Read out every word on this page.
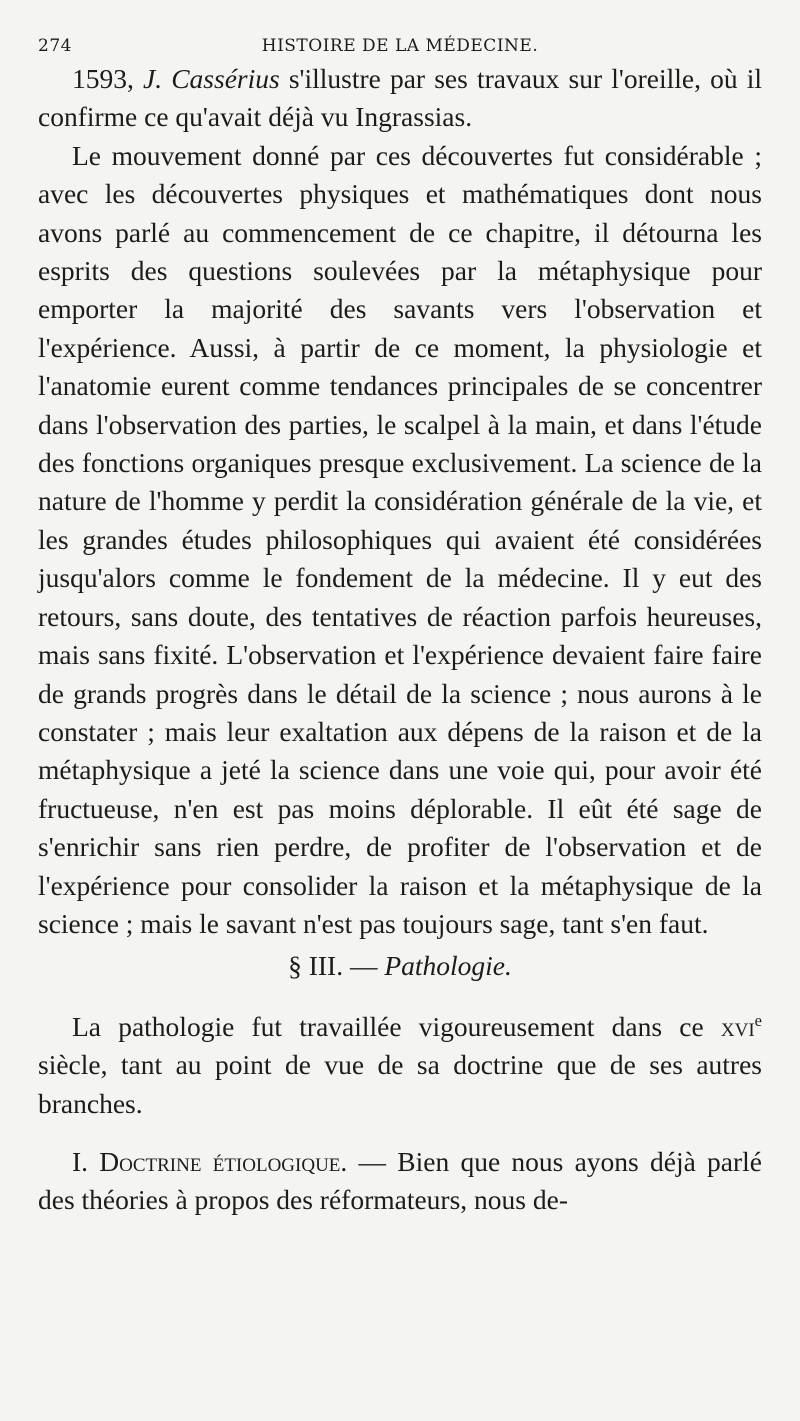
274	HISTOIRE DE LA MÉDECINE.

1593, J. Cassérius s'illustre par ses travaux sur l'oreille, où il confirme ce qu'avait déjà vu Ingrassias.

Le mouvement donné par ces découvertes fut considérable ; avec les découvertes physiques et mathématiques dont nous avons parlé au commencement de ce chapitre, il détourna les esprits des questions soulevées par la métaphysique pour emporter la majorité des savants vers l'observation et l'expérience. Aussi, à partir de ce moment, la physiologie et l'anatomie eurent comme tendances principales de se concentrer dans l'observation des parties, le scalpel à la main, et dans l'étude des fonctions organiques presque exclusivement. La science de la nature de l'homme y perdit la considération générale de la vie, et les grandes études philosophiques qui avaient été considérées jusqu'alors comme le fondement de la médecine. Il y eut des retours, sans doute, des tentatives de réaction parfois heureuses, mais sans fixité. L'observation et l'expérience devaient faire faire de grands progrès dans le détail de la science ; nous aurons à le constater ; mais leur exaltation aux dépens de la raison et de la métaphysique a jeté la science dans une voie qui, pour avoir été fructueuse, n'en est pas moins déplorable. Il eût été sage de s'enrichir sans rien perdre, de profiter de l'observation et de l'expérience pour consolider la raison et la métaphysique de la science ; mais le savant n'est pas toujours sage, tant s'en faut.

§ III. — Pathologie.

La pathologie fut travaillée vigoureusement dans ce xvi$^e$ siècle, tant au point de vue de sa doctrine que de ses autres branches.

I. Doctrine étiologique. — Bien que nous ayons déjà parlé des théories à propos des réformateurs, nous de-
